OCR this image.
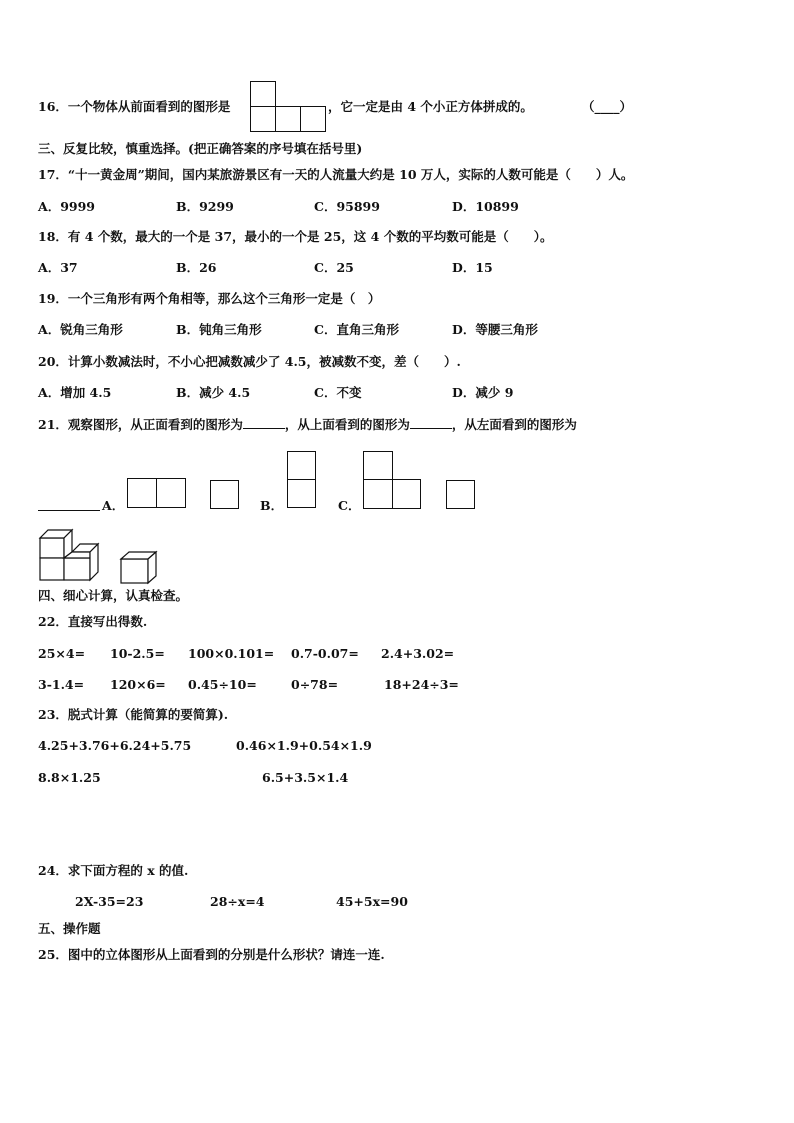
16．一个物体从前面看到的图形是	，它一定是由 4 个小正方体拼成的。	（____）
三、反复比较，慎重选择。(把正确答案的序号填在括号里)
17．“十一黄金周”期间，国内某旅游景区有一天的人流量大约是 10 万人，实际的人数可能是（　　）人。
A．9999	B．9299	C．95899	D．10899
18．有 4 个数，最大的一个是 37，最小的一个是 25，这 4 个数的平均数可能是（　　）。
A．37	B．26	C．25	D．15
19．一个三角形有两个角相等，那么这个三角形一定是（　）
A．锐角三角形	B．钝角三角形	C．直角三角形	D．等腰三角形
20．计算小数减法时，不小心把减数减少了 4.5，被减数不变，差（　　）.
A．增加 4.5	B．减少 4.5	C．不变	D．减少 9
21．观察图形，从正面看到的图形为	，从上面看到的图形为	，从左面看到的图形为
A．	B．	C．
四、细心计算，认真检查。
22．直接写出得数.
25×4= 10-2.5= 100×0.101= 0.7-0.07= 2.4+3.02=
3-1.4= 120×6= 0.45÷10=	0÷78=	18+24÷3=
23．脱式计算（能简算的要简算).
4.25+3.76+6.24+5.75	0.46×1.9+0.54×1.9
8.8×1.25	6.5+3.5×1.4
24．求下面方程的 x 的值.
2X-35=23	28÷x=4	45+5x=90
五、操作题
25．图中的立体图形从上面看到的分别是什么形状？请连一连.
